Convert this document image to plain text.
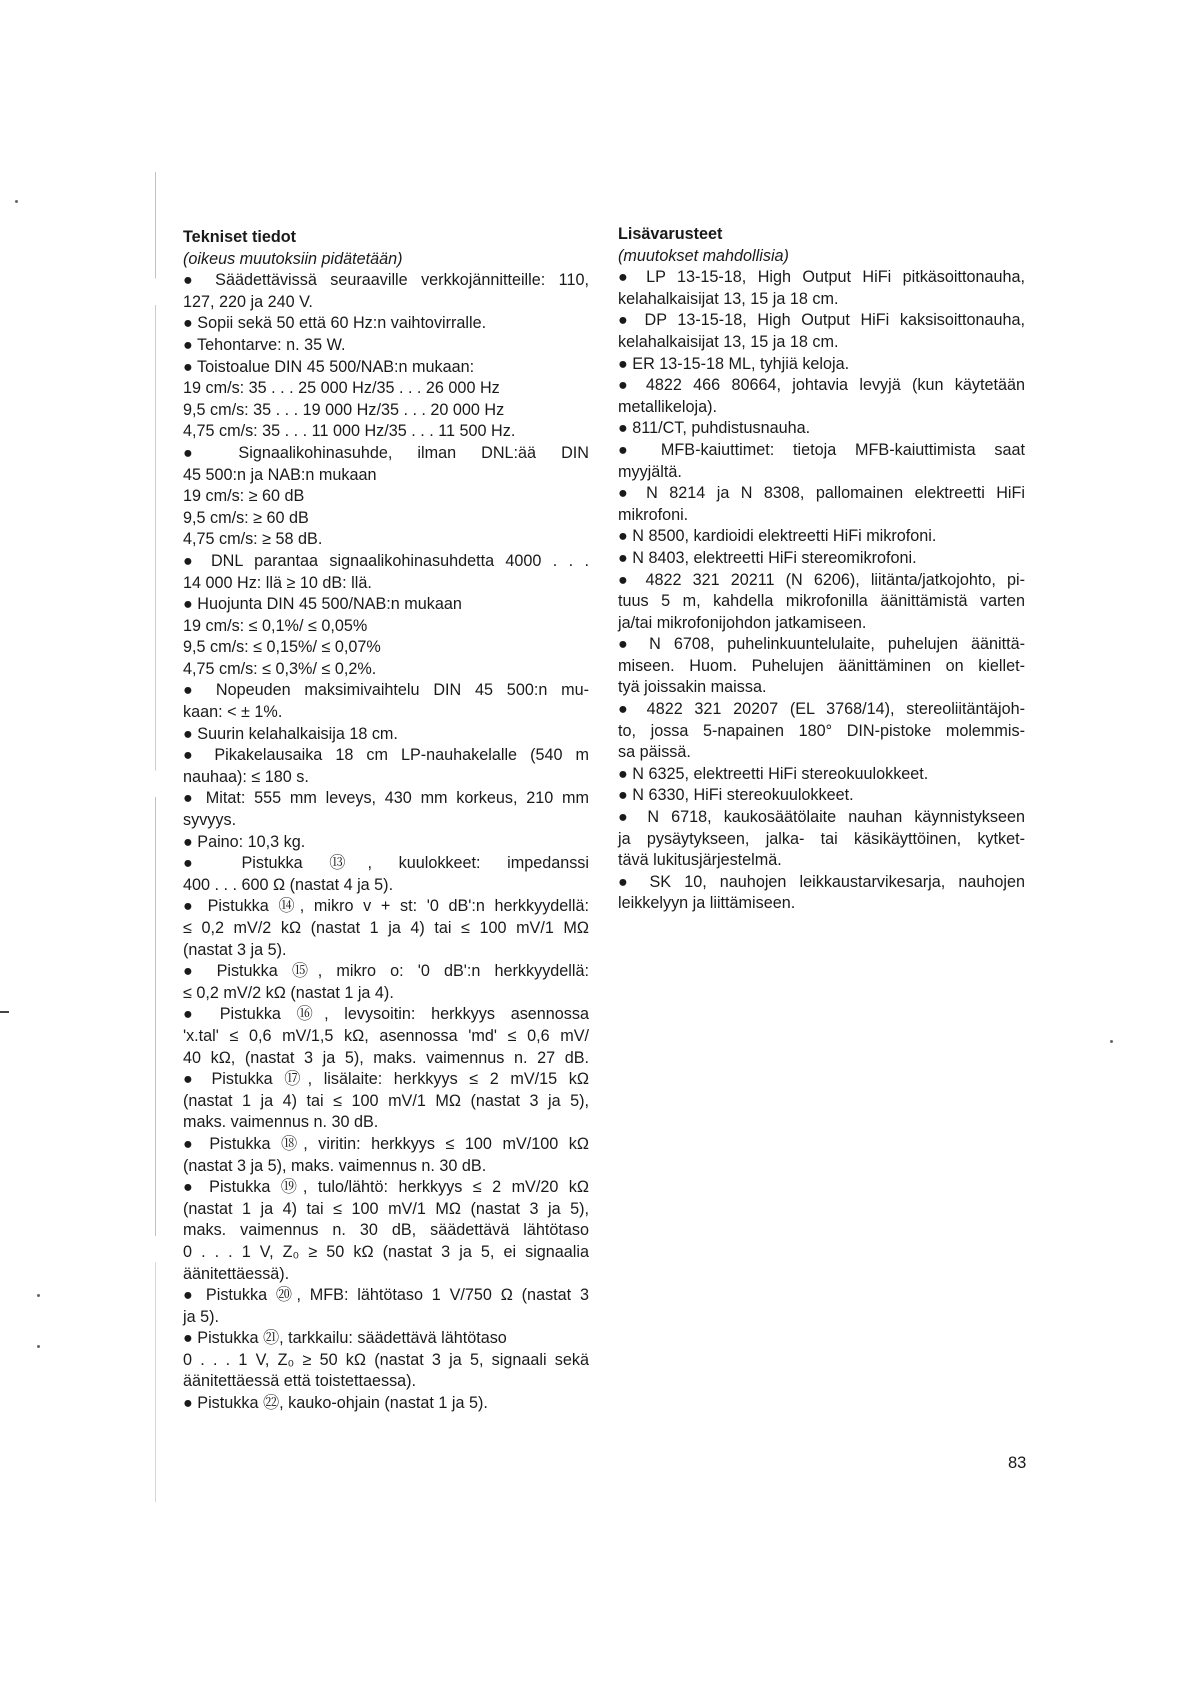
Tekniset tiedot
(oikeus muutoksiin pidätetään)
● Säädettävissä seuraaville verkkojännitteille: 110,
127, 220 ja 240 V.
● Sopii sekä 50 että 60 Hz:n vaihtovirralle.
● Tehontarve: n. 35 W.
● Toistoalue DIN 45 500/NAB:n mukaan:
19 cm/s: 35 . . . 25 000 Hz/35 . . . 26 000 Hz
9,5 cm/s: 35 . . . 19 000 Hz/35 . . . 20 000 Hz
4,75 cm/s: 35 . . . 11 000 Hz/35 . . . 11 500 Hz.
● Signaalikohinasuhde, ilman DNL:ää DIN
45 500:n ja NAB:n mukaan
19 cm/s: ≥ 60 dB
9,5 cm/s: ≥ 60 dB
4,75 cm/s: ≥ 58 dB.
● DNL parantaa signaalikohinasuhdetta 4000 . . .
14 000 Hz: llä ≥ 10 dB: llä.
● Huojunta DIN 45 500/NAB:n mukaan
19 cm/s: ≤ 0,1%/ ≤ 0,05%
9,5 cm/s: ≤ 0,15%/ ≤ 0,07%
4,75 cm/s: ≤ 0,3%/ ≤ 0,2%.
● Nopeuden maksimivaihtelu DIN 45 500:n mu-
kaan: < ± 1%.
● Suurin kelahalkaisija 18 cm.
● Pikakelausaika 18 cm LP-nauhakelalle (540 m
nauhaa): ≤ 180 s.
● Mitat: 555 mm leveys, 430 mm korkeus, 210 mm
syvyys.
● Paino: 10,3 kg.
● Pistukka ⑬, kuulokkeet: impedanssi
400 . . . 600 Ω (nastat 4 ja 5).
● Pistukka ⑭, mikro v + st: '0 dB':n herkkyydellä:
≤ 0,2 mV/2 kΩ (nastat 1 ja 4) tai ≤ 100 mV/1 MΩ
(nastat 3 ja 5).
● Pistukka ⑮, mikro o: '0 dB':n herkkyydellä:
≤ 0,2 mV/2 kΩ (nastat 1 ja 4).
● Pistukka ⑯, levysoitin: herkkyys asennossa
'x.tal' ≤ 0,6 mV/1,5 kΩ, asennossa 'md' ≤ 0,6 mV/
40 kΩ, (nastat 3 ja 5), maks. vaimennus n. 27 dB.
● Pistukka ⑰, lisälaite: herkkyys ≤ 2 mV/15 kΩ
(nastat 1 ja 4) tai ≤ 100 mV/1 MΩ (nastat 3 ja 5),
maks. vaimennus n. 30 dB.
● Pistukka ⑱, viritin: herkkyys ≤ 100 mV/100 kΩ
(nastat 3 ja 5), maks. vaimennus n. 30 dB.
● Pistukka ⑲, tulo/lähtö: herkkyys ≤ 2 mV/20 kΩ
(nastat 1 ja 4) tai ≤ 100 mV/1 MΩ (nastat 3 ja 5),
maks. vaimennus n. 30 dB, säädettävä lähtötaso
0 . . . 1 V, Z₀ ≥ 50 kΩ (nastat 3 ja 5, ei signaalia
äänitettäessä).
● Pistukka ⑳, MFB: lähtötaso 1 V/750 Ω (nastat 3
ja 5).
● Pistukka ㉑, tarkkailu: säädettävä lähtötaso
0 . . . 1 V, Z₀ ≥ 50 kΩ (nastat 3 ja 5, signaali sekä
äänitettäessä että toistettaessa).
● Pistukka ㉒, kauko-ohjain (nastat 1 ja 5).
Lisävarusteet
(muutokset mahdollisia)
● LP 13-15-18, High Output HiFi pitkäsoittonauha,
kelahalkaisijat 13, 15 ja 18 cm.
● DP 13-15-18, High Output HiFi kaksisoittonauha,
kelahalkaisijat 13, 15 ja 18 cm.
● ER 13-15-18 ML, tyhjiä keloja.
● 4822 466 80664, johtavia levyjä (kun käytetään
metallikeloja).
● 811/CT, puhdistusnauha.
● MFB-kaiuttimet: tietoja MFB-kaiuttimista saat
myyjältä.
● N 8214 ja N 8308, pallomainen elektreetti HiFi
mikrofoni.
● N 8500, kardioidi elektreetti HiFi mikrofoni.
● N 8403, elektreetti HiFi stereomikrofoni.
● 4822 321 20211 (N 6206), liitänta/jatkojohto, pi-
tuus 5 m, kahdella mikrofonilla äänittämistä varten
ja/tai mikrofonijohdon jatkamiseen.
● N 6708, puhelinkuuntelulaite, puhelujen äänittä-
miseen. Huom. Puhelujen äänittäminen on kiellet-
tyä joissakin maissa.
● 4822 321 20207 (EL 3768/14), stereoliitäntäjoh-
to, jossa 5-napainen 180° DIN-pistoke molemmis-
sa päissä.
● N 6325, elektreetti HiFi stereokuulokkeet.
● N 6330, HiFi stereokuulokkeet.
● N 6718, kaukosäätölaite nauhan käynnistykseen
ja pysäytykseen, jalka- tai käsikäyttöinen, kytket-
tävä lukitusjärjestelmä.
● SK 10, nauhojen leikkaustarvikesarja, nauhojen
leikkelyyn ja liittämiseen.
83
